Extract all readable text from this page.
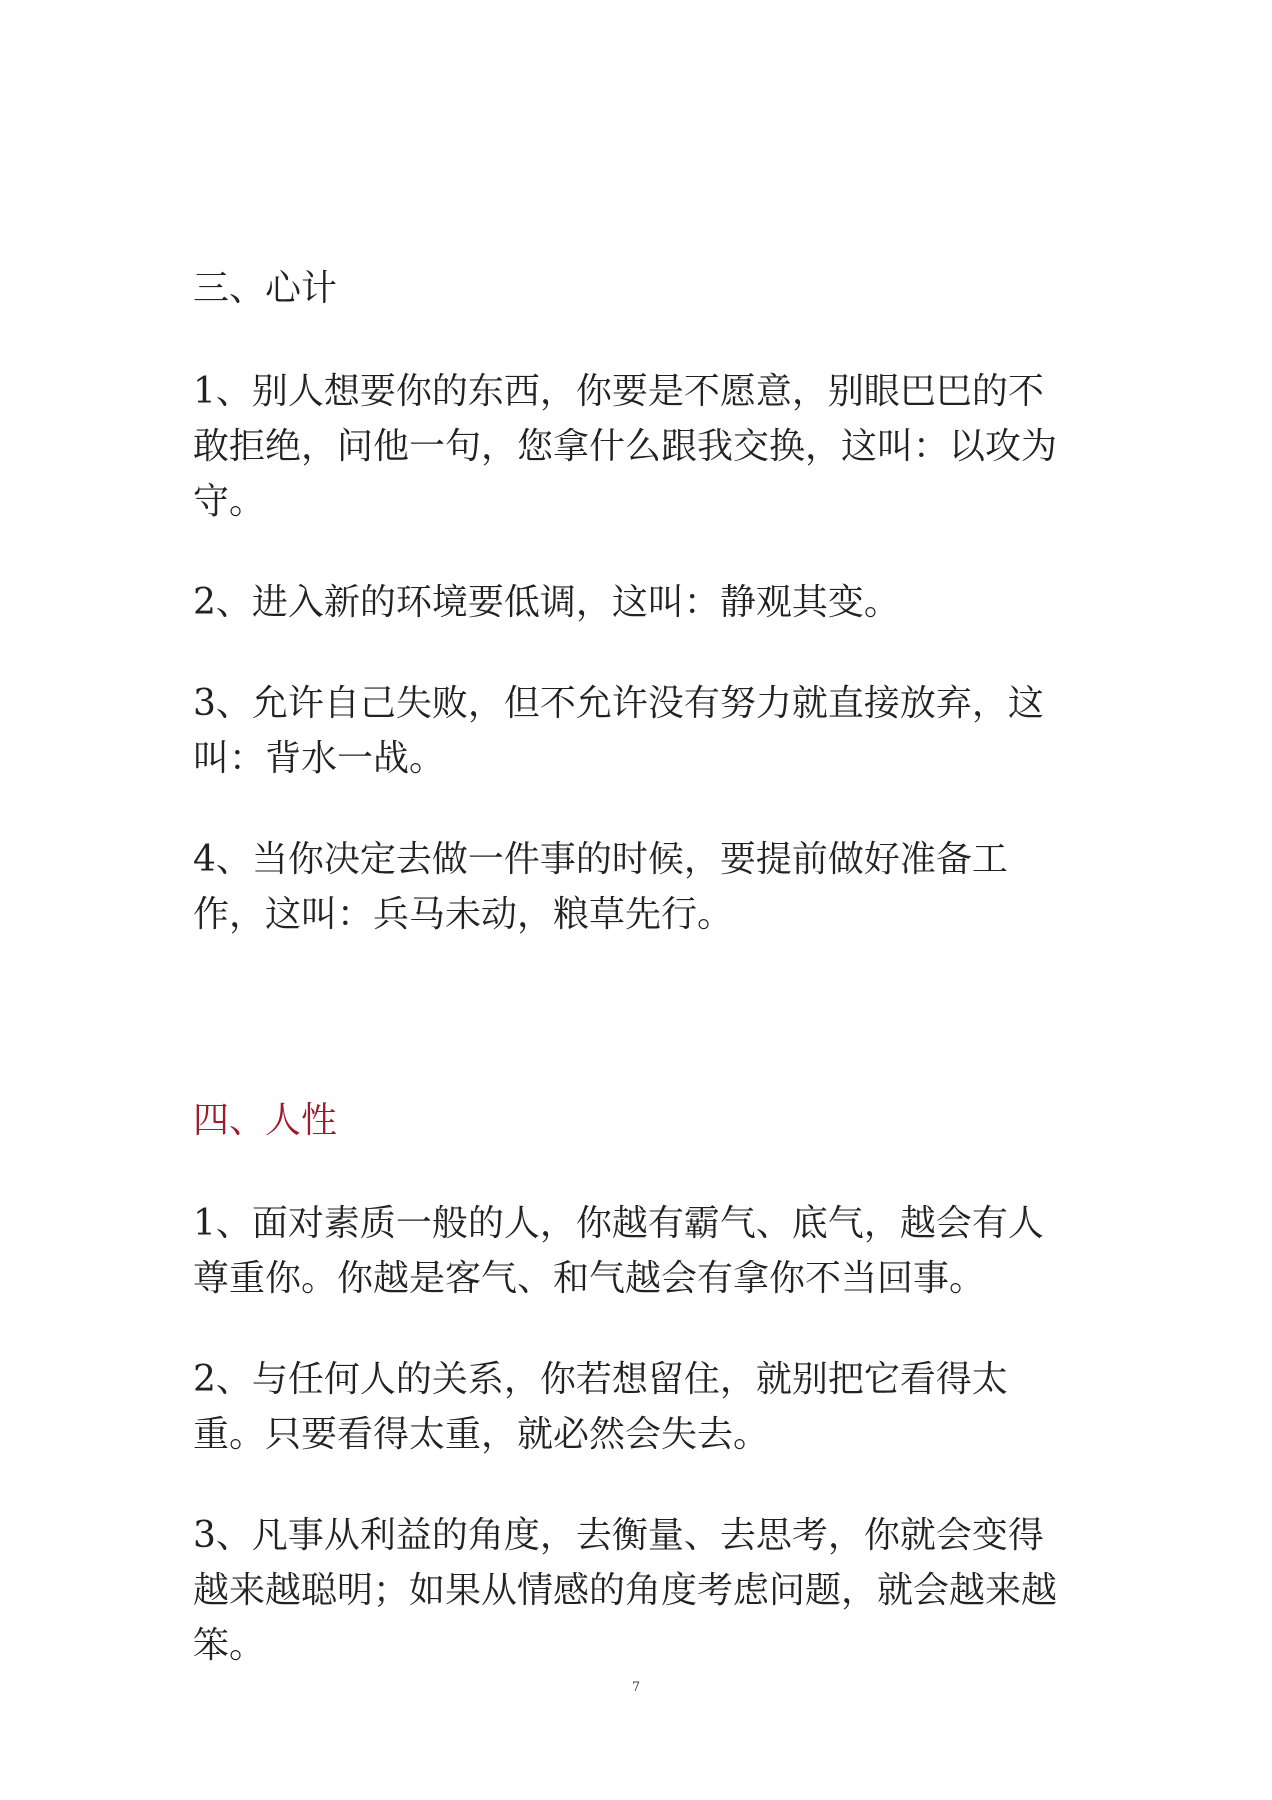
三、心计

1、别人想要你的东西，你要是不愿意，别眼巴巴的不敢拒绝，问他一句，您拿什么跟我交换，这叫：以攻为守。

2、进入新的环境要低调，这叫：静观其变。

3、允许自己失败，但不允许没有努力就直接放弃，这叫：背水一战。

4、当你决定去做一件事的时候，要提前做好准备工作，这叫：兵马未动，粮草先行。

四、人性

1、面对素质一般的人，你越有霸气、底气，越会有人尊重你。你越是客气、和气越会有拿你不当回事。

2、与任何人的关系，你若想留住，就别把它看得太重。只要看得太重，就必然会失去。

3、凡事从利益的角度，去衡量、去思考，你就会变得越来越聪明；如果从情感的角度考虑问题，就会越来越笨。

7
